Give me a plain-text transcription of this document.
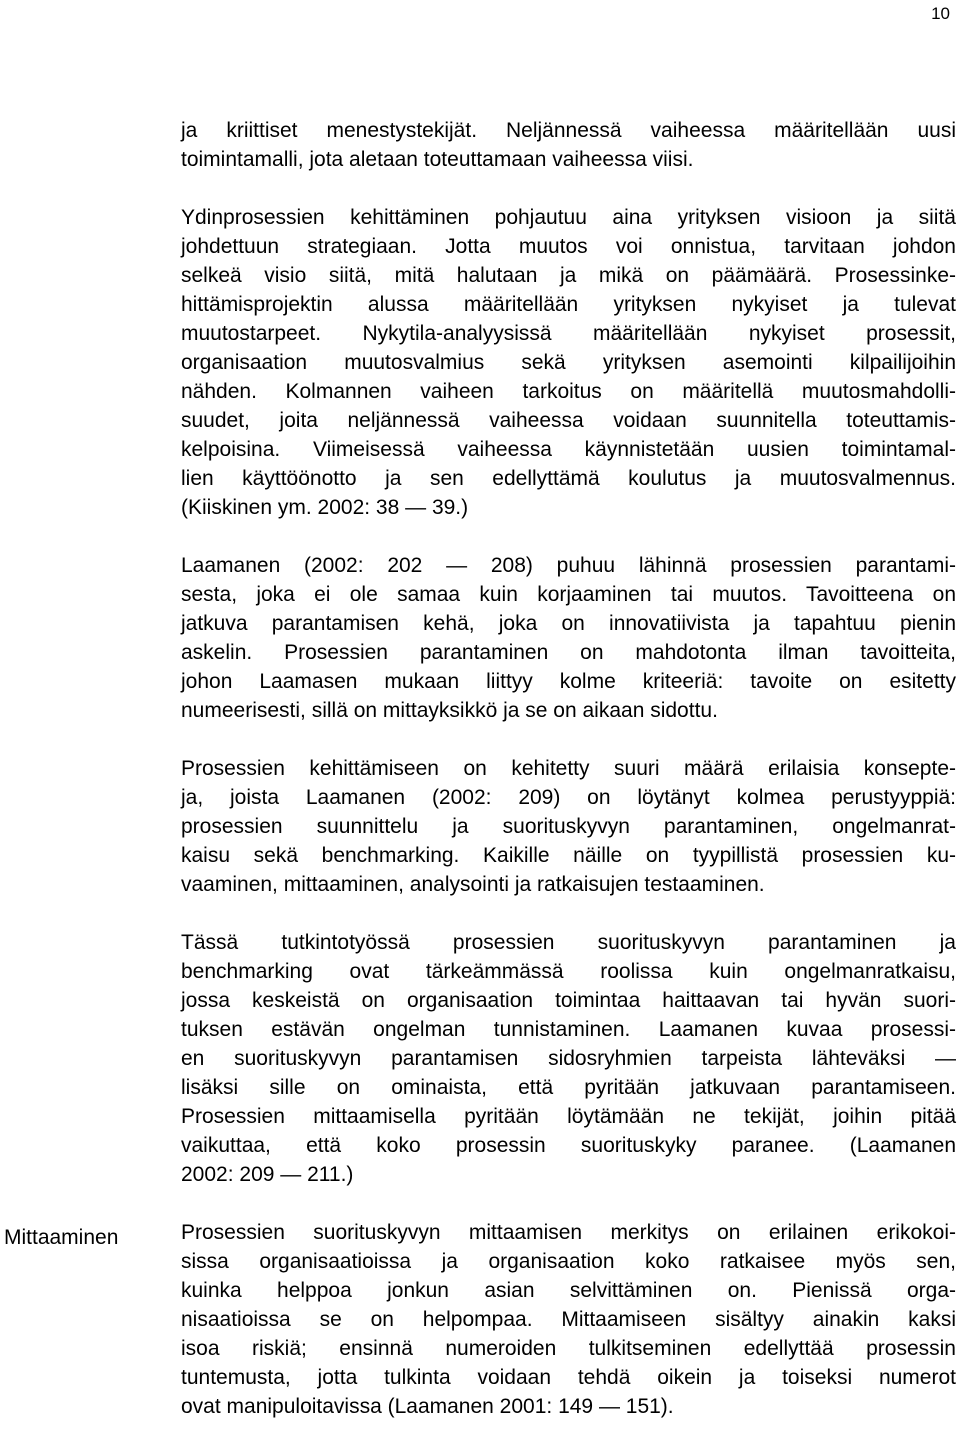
10
Mittaaminen
ja kriittiset menestystekijät. Neljännessä vaiheessa määritellään uusi
toimintamalli, jota aletaan toteuttamaan vaiheessa viisi.
Ydinprosessien kehittäminen pohjautuu aina yrityksen visioon ja siitä
johdettuun strategiaan. Jotta muutos voi onnistua, tarvitaan johdon
selkeä visio siitä, mitä halutaan ja mikä on päämäärä. Prosessinke-
hittämisprojektin alussa määritellään yrityksen nykyiset ja tulevat
muutostarpeet. Nykytila-analyysissä määritellään nykyiset prosessit,
organisaation muutosvalmius sekä yrityksen asemointi kilpailijoihin
nähden. Kolmannen vaiheen tarkoitus on määritellä muutosmahdolli-
suudet, joita neljännessä vaiheessa voidaan suunnitella toteuttamis-
kelpoisina. Viimeisessä vaiheessa käynnistetään uusien toimintamal-
lien käyttöönotto ja sen edellyttämä koulutus ja muutosvalmennus.
(Kiiskinen ym. 2002: 38 — 39.)
Laamanen (2002: 202 — 208) puhuu lähinnä prosessien parantami-
sesta, joka ei ole samaa kuin korjaaminen tai muutos. Tavoitteena on
jatkuva parantamisen kehä, joka on innovatiivista ja tapahtuu pienin
askelin. Prosessien parantaminen on mahdotonta ilman tavoitteita,
johon Laamasen mukaan liittyy kolme kriteeriä: tavoite on esitetty
numeerisesti, sillä on mittayksikkö ja se on aikaan sidottu.
Prosessien kehittämiseen on kehitetty suuri määrä erilaisia konsepte-
ja, joista Laamanen (2002: 209) on löytänyt kolmea perustyyppiä:
prosessien suunnittelu ja suorituskyvyn parantaminen, ongelmanrat-
kaisu sekä benchmarking. Kaikille näille on tyypillistä prosessien ku-
vaaminen, mittaaminen, analysointi ja ratkaisujen testaaminen.
Tässä tutkintotyössä prosessien suorituskyvyn parantaminen ja
benchmarking ovat tärkeämmässä roolissa kuin ongelmanratkaisu,
jossa keskeistä on organisaation toimintaa haittaavan tai hyvän suori-
tuksen estävän ongelman tunnistaminen. Laamanen kuvaa prosessi-
en suorituskyvyn parantamisen sidosryhmien tarpeista lähteväksi —
lisäksi sille on ominaista, että pyritään jatkuvaan parantamiseen.
Prosessien mittaamisella pyritään löytämään ne tekijät, joihin pitää
vaikuttaa, että koko prosessin suorituskyky paranee. (Laamanen
2002: 209 — 211.)
Prosessien suorituskyvyn mittaamisen merkitys on erilainen erikokoi-
sissa organisaatioissa ja organisaation koko ratkaisee myös sen,
kuinka helppoa jonkun asian selvittäminen on. Pienissä orga-
nisaatioissa se on helpompaa. Mittaamiseen sisältyy ainakin kaksi
isoa riskiä; ensinnä numeroiden tulkitseminen edellyttää prosessin
tuntemusta, jotta tulkinta voidaan tehdä oikein ja toiseksi numerot
ovat manipuloitavissa (Laamanen 2001: 149 — 151).
